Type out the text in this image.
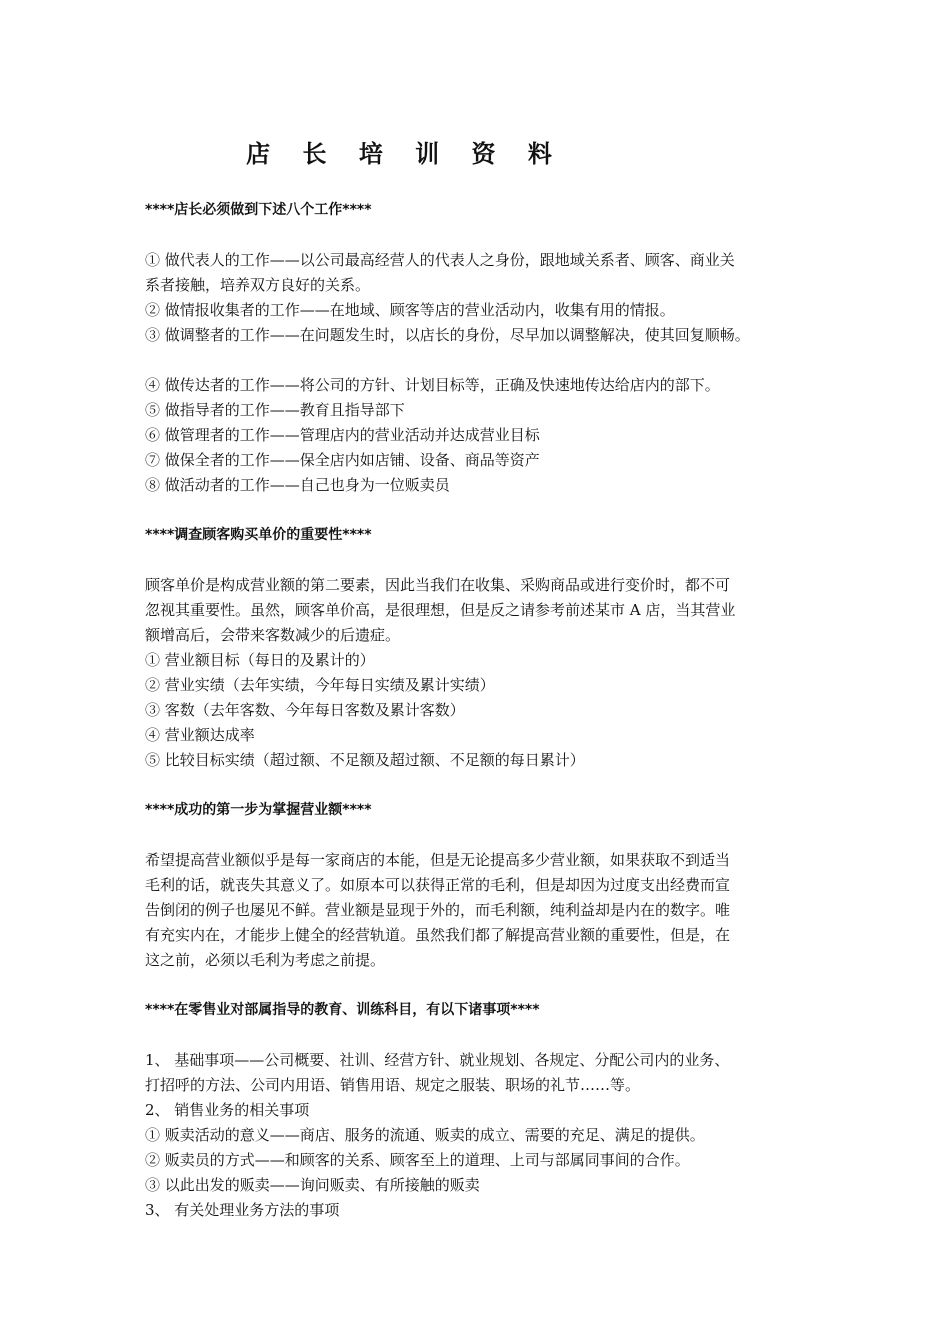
店 长 培 训 资 料
****店长必须做到下述八个工作****
① 做代表人的工作——以公司最高经营人的代表人之身份，跟地域关系者、顾客、商业关
系者接触，培养双方良好的关系。
② 做情报收集者的工作——在地域、顾客等店的营业活动内，收集有用的情报。
③ 做调整者的工作——在问题发生时，以店长的身份，尽早加以调整解决，使其回复顺畅。
④ 做传达者的工作——将公司的方针、计划目标等，正确及快速地传达给店内的部下。
⑤ 做指导者的工作——教育且指导部下
⑥ 做管理者的工作——管理店内的营业活动并达成营业目标
⑦ 做保全者的工作——保全店内如店铺、设备、商品等资产
⑧ 做活动者的工作——自己也身为一位贩卖员
****调查顾客购买单价的重要性****
顾客单价是构成营业额的第二要素，因此当我们在收集、采购商品或进行变价时，都不可
忽视其重要性。虽然，顾客单价高，是很理想，但是反之请参考前述某市 A 店，当其营业
额增高后，会带来客数减少的后遗症。
① 营业额目标（每日的及累计的）
② 营业实绩（去年实绩，今年每日实绩及累计实绩）
③ 客数（去年客数、今年每日客数及累计客数）
④ 营业额达成率
⑤ 比较目标实绩（超过额、不足额及超过额、不足额的每日累计）
****成功的第一步为掌握营业额****
希望提高营业额似乎是每一家商店的本能，但是无论提高多少营业额，如果获取不到适当
毛利的话，就丧失其意义了。如原本可以获得正常的毛利，但是却因为过度支出经费而宣
告倒闭的例子也屡见不鲜。营业额是显现于外的，而毛利额，纯利益却是内在的数字。唯
有充实内在，才能步上健全的经营轨道。虽然我们都了解提高营业额的重要性，但是，在
这之前，必须以毛利为考虑之前提。
****在零售业对部属指导的教育、训练科目，有以下诸事项****
1、 基础事项——公司概要、社训、经营方针、就业规划、各规定、分配公司内的业务、
打招呼的方法、公司内用语、销售用语、规定之服装、职场的礼节……等。
2、 销售业务的相关事项
① 贩卖活动的意义——商店、服务的流通、贩卖的成立、需要的充足、满足的提供。
② 贩卖员的方式——和顾客的关系、顾客至上的道理、上司与部属同事间的合作。
③ 以此出发的贩卖——询问贩卖、有所接触的贩卖
3、 有关处理业务方法的事项
